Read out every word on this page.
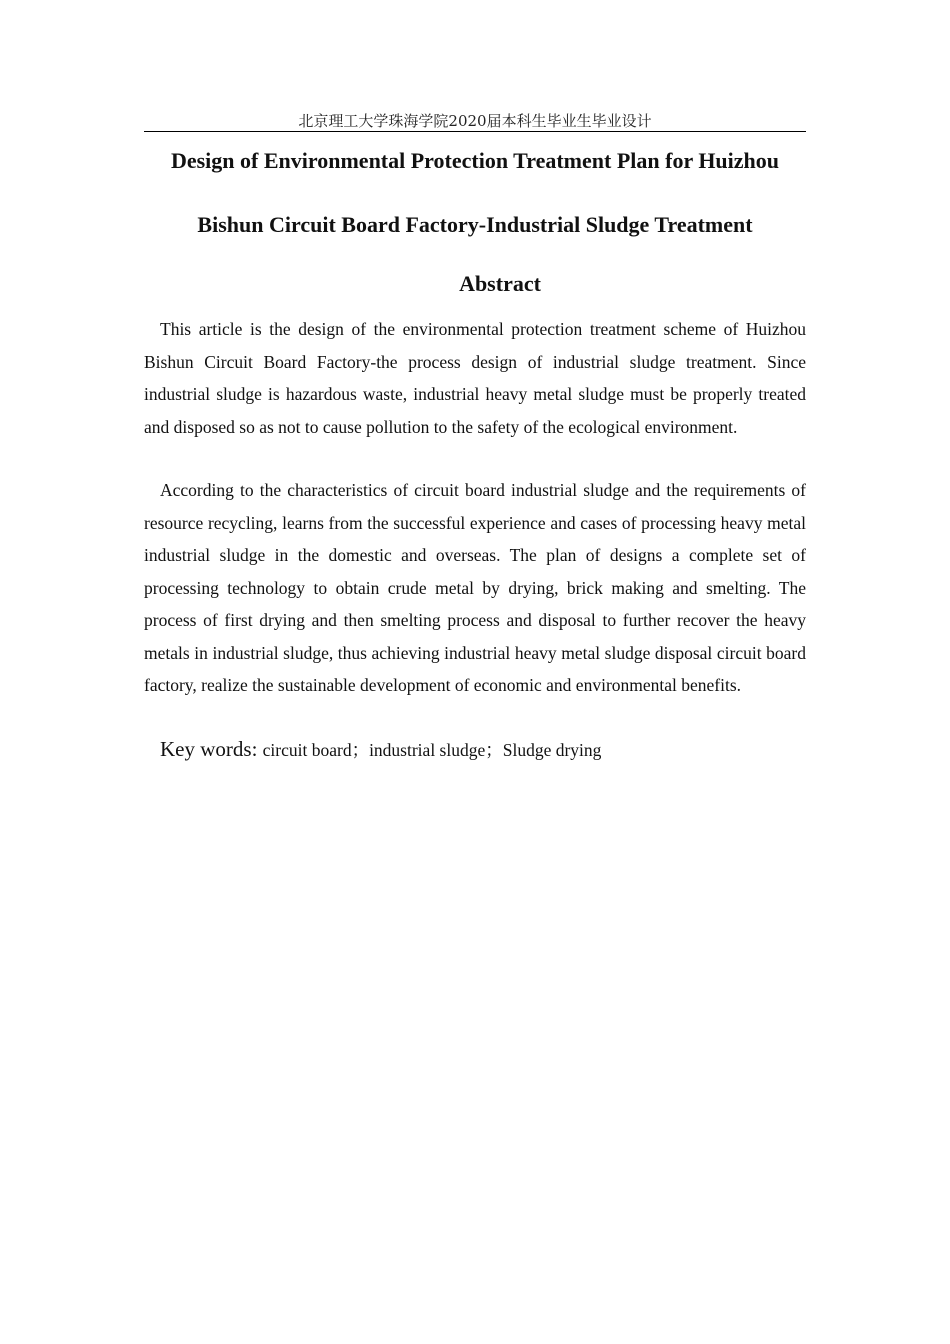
北京理工大学珠海学院2020届本科生毕业生毕业设计
Design of Environmental Protection Treatment Plan for Huizhou
Bishun Circuit Board Factory-Industrial Sludge Treatment
Abstract

This article is the design of the environmental protection treatment scheme of Huizhou Bishun Circuit Board Factory-the process design of industrial sludge treatment. Since industrial sludge is hazardous waste, industrial heavy metal sludge must be properly treated and disposed so as not to cause pollution to the safety of the ecological environment.

According to the characteristics of circuit board industrial sludge and the requirements of resource recycling, learns from the successful experience and cases of processing heavy metal industrial sludge in the domestic and overseas. The plan of designs a complete set of processing technology to obtain crude metal by drying, brick making and smelting. The process of first drying and then smelting process and disposal to further recover the heavy metals in industrial sludge, thus achieving industrial heavy metal sludge disposal circuit board factory, realize the sustainable development of economic and environmental benefits.

Key words: circuit board；industrial sludge；Sludge drying
